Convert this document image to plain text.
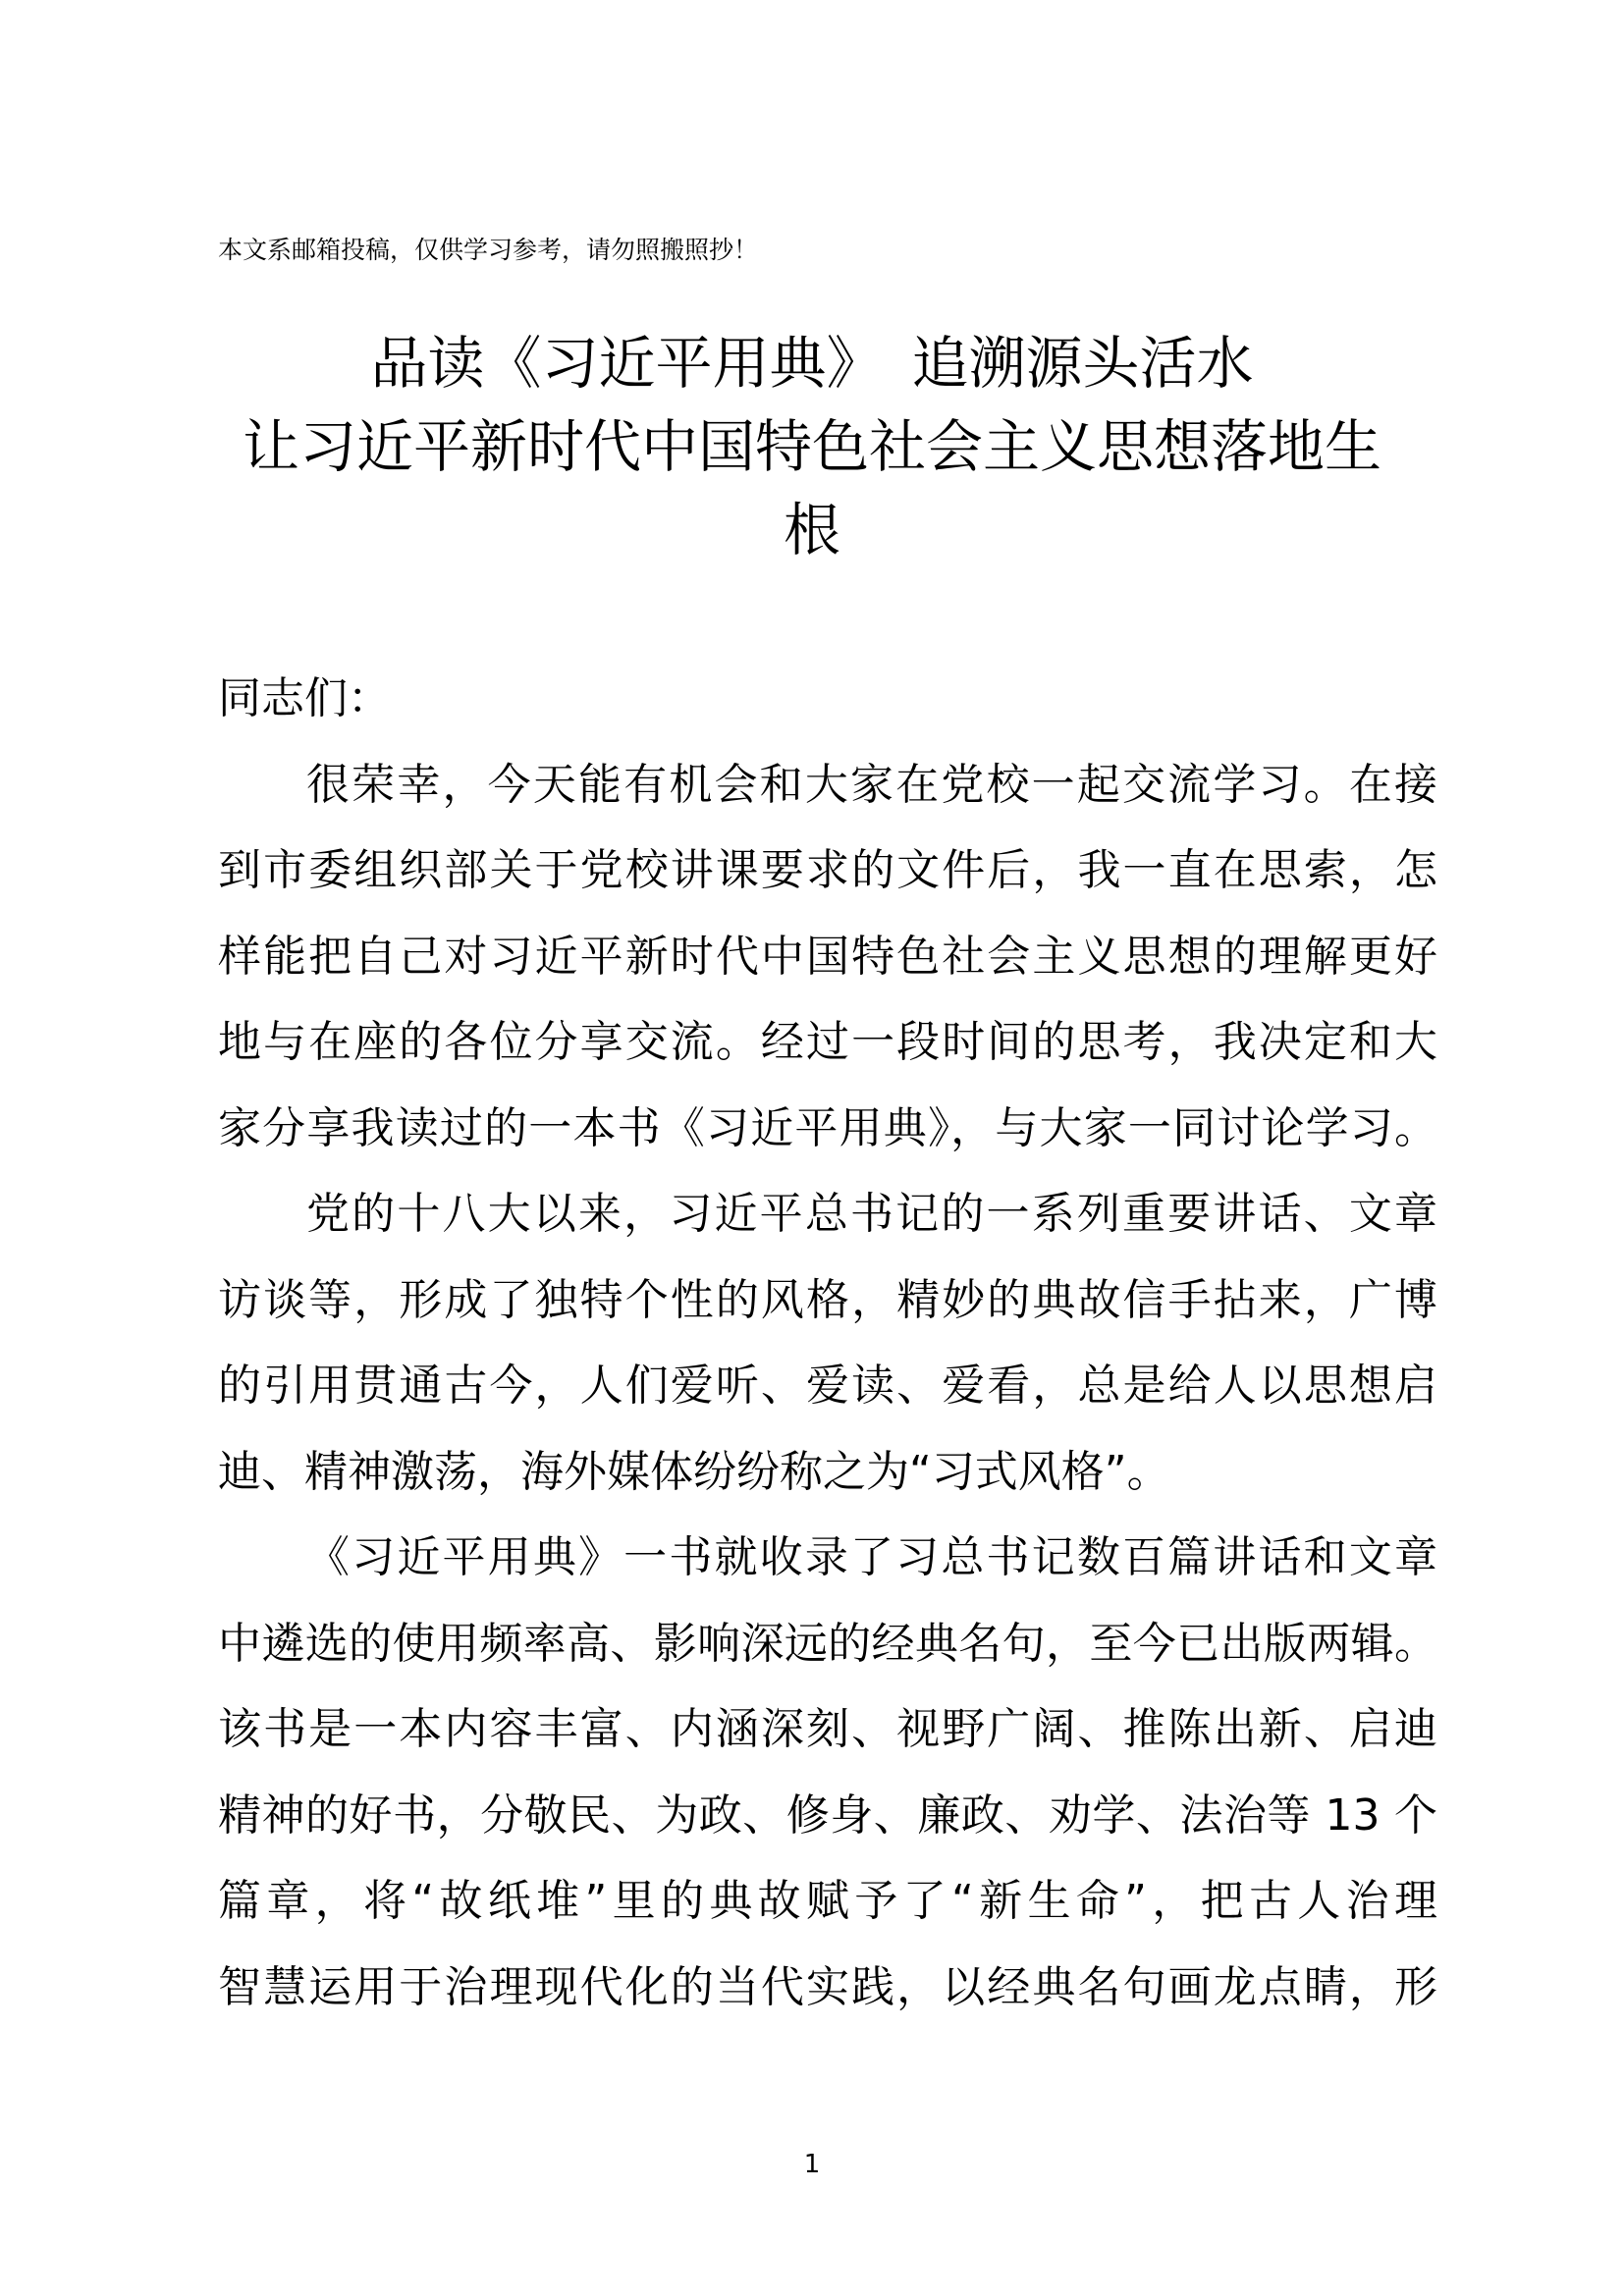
本文系邮箱投稿，仅供学习参考，请勿照搬照抄！
品读《习近平用典》　追溯源头活水
让习近平新时代中国特色社会主义思想落地生
根
同志们：
很荣幸，今天能有机会和大家在党校一起交流学习。在接
到市委组织部关于党校讲课要求的文件后，我一直在思索，怎
样能把自己对习近平新时代中国特色社会主义思想的理解更好
地与在座的各位分享交流。经过一段时间的思考，我决定和大
家分享我读过的一本书《习近平用典》，与大家一同讨论学习。
党的十八大以来，习近平总书记的一系列重要讲话、文章
访谈等，形成了独特个性的风格，精妙的典故信手拈来，广博
的引用贯通古今，人们爱听、爱读、爱看，总是给人以思想启
迪、精神激荡，海外媒体纷纷称之为“习式风格”。
《习近平用典》一书就收录了习总书记数百篇讲话和文章
中遴选的使用频率高、影响深远的经典名句，至今已出版两辑。
该书是一本内容丰富、内涵深刻、视野广阔、推陈出新、启迪
精神的好书，分敬民、为政、修身、廉政、劝学、法治等 13 个
篇章，将“故纸堆”里的典故赋予了“新生命”，把古人治理
智慧运用于治理现代化的当代实践，以经典名句画龙点睛，形
1
